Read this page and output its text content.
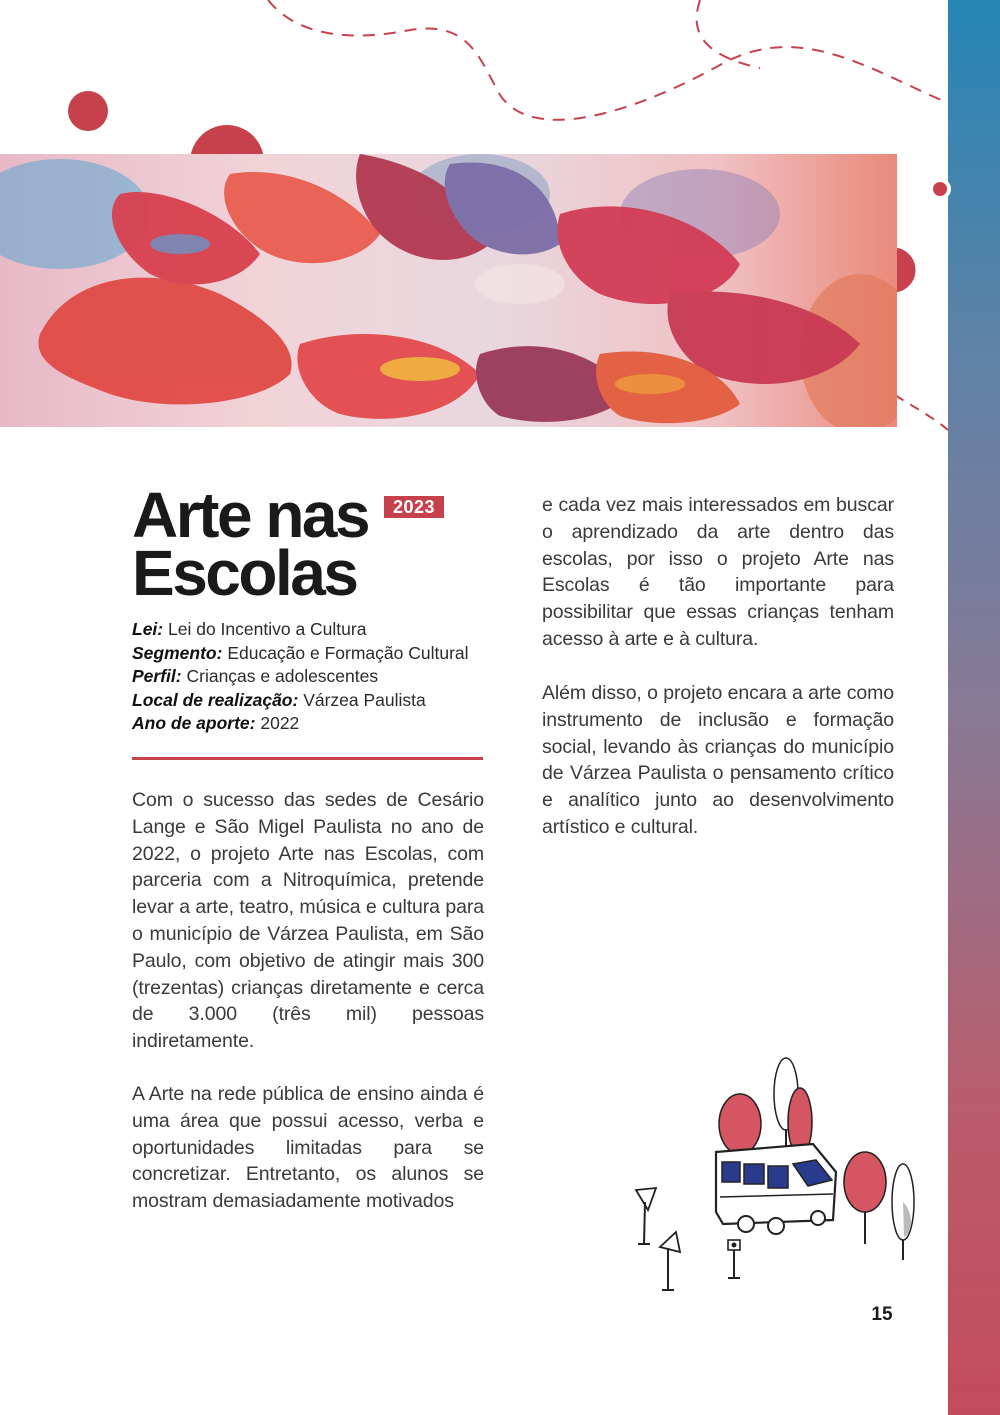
Arte nas
Escolas
2023
Lei: Lei do Incentivo a Cultura
Segmento: Educação e Formação Cultural
Perfil: Crianças e adolescentes
Local de realização: Várzea Paulista
Ano de aporte: 2022

Com o sucesso das sedes de Cesário Lange e São Migel Paulista no ano de 2022, o projeto Arte nas Escolas, com parceria com a Nitroquímica, pretende levar a arte, teatro, música e cultura para o município de Várzea Paulista, em São Paulo, com objetivo de atingir mais 300 (trezentas) crianças diretamente e cerca de 3.000 (três mil) pessoas indiretamente.

A Arte na rede pública de ensino ainda é uma área que possui acesso, verba e oportunidades limitadas para se concretizar. Entretanto, os alunos se mostram demasiadamente motivados

e cada vez mais interessados em buscar o aprendizado da arte dentro das escolas, por isso o projeto Arte nas Escolas é tão importante para possibilitar que essas crianças tenham acesso à arte e à cultura.

Além disso, o projeto encara a arte como instrumento de inclusão e formação social, levando às crianças do município de Várzea Paulista o pensamento crítico e analítico junto ao desenvolvimento artístico e cultural.

15
